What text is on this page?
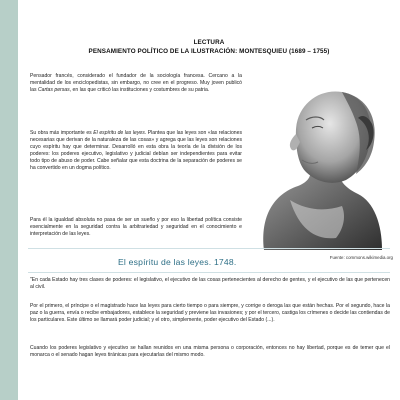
LECTURA
PENSAMIENTO POLÍTICO DE LA ILUSTRACIÓN: MONTESQUIEU (1689 – 1755)

Pensador francés, considerado el fundador de la sociología francesa. Cercano a la mentalidad de los enciclopedistas, sin embargo, no cree en el progreso. Muy joven publicó las Cartas persas, en las que criticó las instituciones y costumbres de su patria.

Su obra más importante es El espíritu de las leyes. Plantea que las leyes son «las relaciones necesarias que derivan de la naturaleza de las cosas» y agrega que las leyes son relaciones cuyo espíritu hay que determinar. Desarrolló en esta obra la teoría de la división de los poderes: los poderes ejecutivo, legislativo y judicial debían ser independientes para evitar todo tipo de abuso de poder. Cabe señalar que esta doctrina de la separación de poderes se ha convertido en un dogma político.

Para él la igualdad absoluta no pasa de ser un sueño y por eso la libertad política consiste esencialmente en la seguridad contra la arbitrariedad y seguridad en el conocimiento e interpretación de las leyes.

Fuente: commons.wikimedia.org
El espíritu de las leyes. 1748.

"En cada Estado hay tres clases de poderes: el legislativo, el ejecutivo de las cosas pertenecientes al derecho de gentes, y el ejecutivo de las que pertenecen al civil.

Por el primero, el príncipe o el magistrado hace las leyes para cierto tiempo o para siempre, y corrige o deroga las que están hechas. Por el segundo, hace la paz o la guerra, envía o recibe embajadores, establece la seguridad y previene las invasiones; y por el tercero, castiga los crímenes o decide las contiendas de los particulares. Este último se llamará poder judicial; y el otro, simplemente, poder ejecutivo del Estado (...).

Cuando los poderes legislativo y ejecutivo se hallan reunidos en una misma persona o corporación, entonces no hay libertad, porque es de temer que el monarca o el senado hagan leyes tiránicas para ejecutarlas del mismo modo.
